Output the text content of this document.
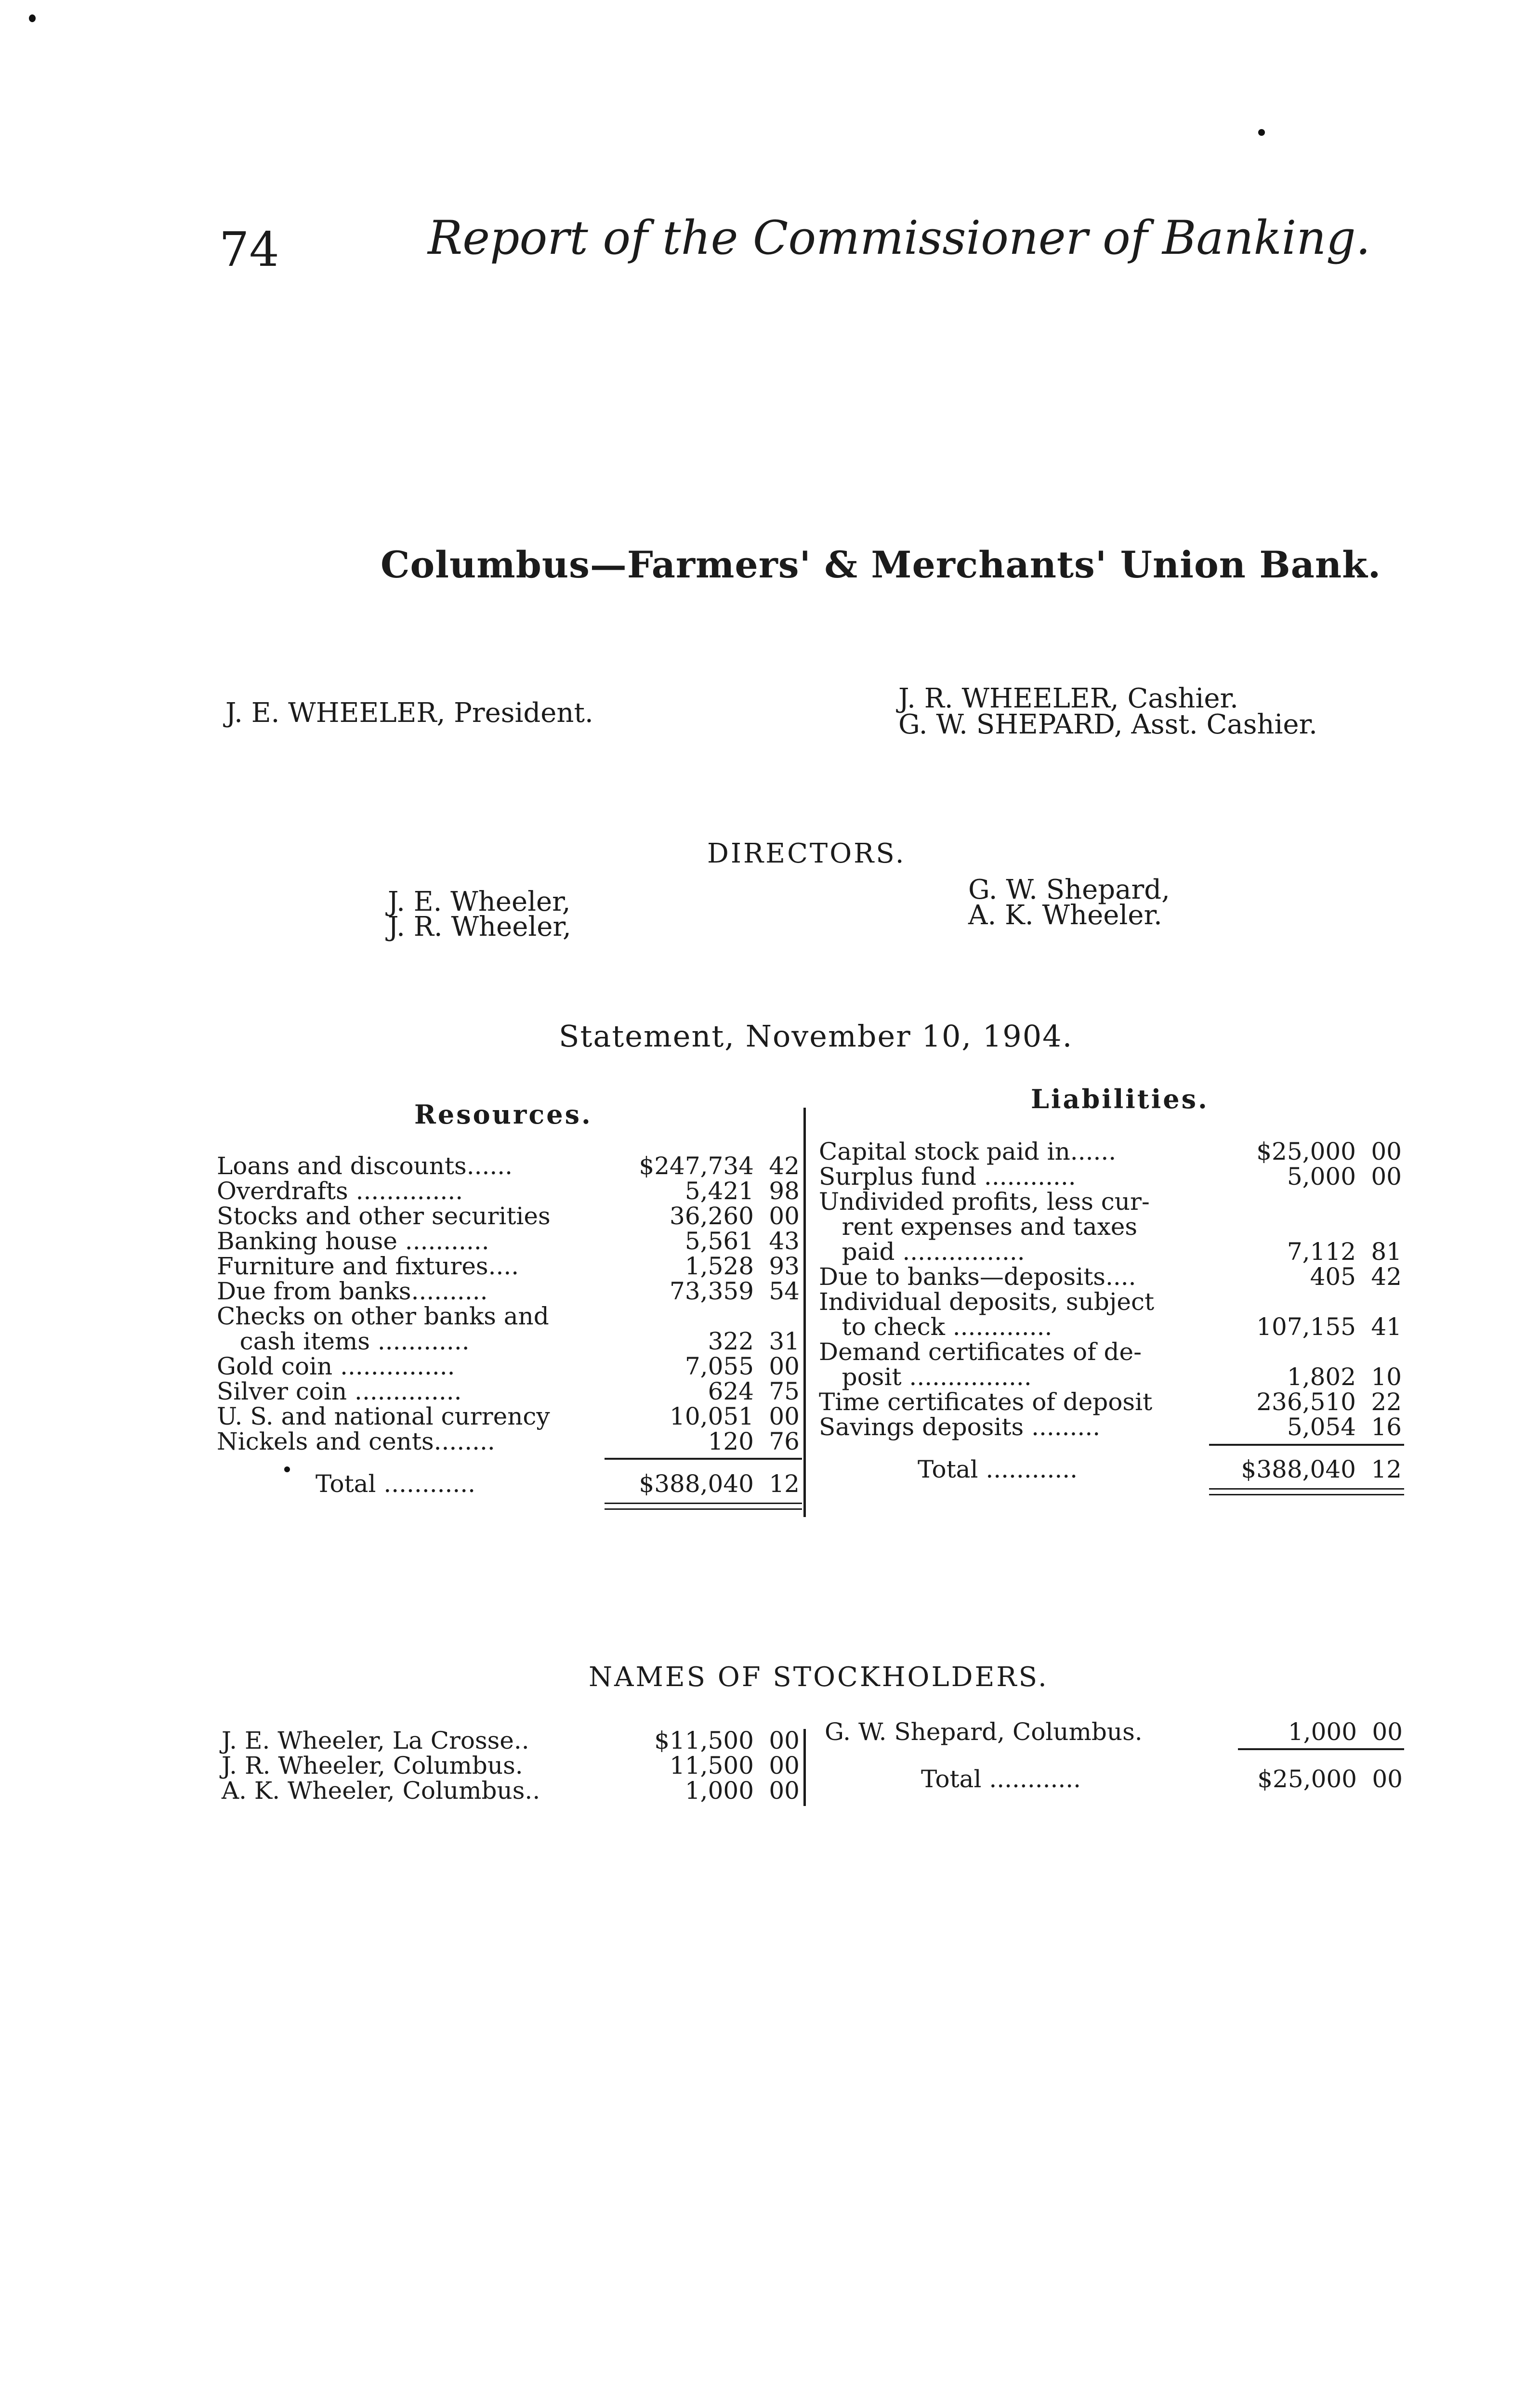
74	Report of the Commissioner of Banking.
Columbus—Farmers' & Merchants' Union Bank.
J. E. WHEELER, President.	J. R. WHEELER, Cashier.
G. W. SHEPARD, Asst. Cashier.
DIRECTORS.
J. E. Wheeler,
J. R. Wheeler,
G. W. Shepard,
A. K. Wheeler.
Statement, November 10, 1904.
Resources.	Liabilities.
Loans and discounts......	$247,734 42
Overdrafts ..............	5,421 98
Stocks and other securities	36,260 00
Banking house ...........	5,561 43
Furniture and fixtures....	1,528 93
Due from banks..........	73,359 54
Checks on other banks and
cash items ............	322 31
Gold coin ...............	7,055 00
Silver coin ..............	624 75
U. S. and national currency	10,051 00
Nickels and cents........	120 76
Total ............	$388,040 12
Capital stock paid in......	$25,000 00
Surplus fund ............	5,000 00
Undivided profits, less cur-
rent expenses and taxes
paid ................	7,112 81
Due to banks—deposits....	405 42
Individual deposits, subject
to check .............	107,155 41
Demand certificates of de-
posit ................	1,802 10
Time certificates of deposit	236,510 22
Savings deposits .........	5,054 16
Total ............	$388,040 12
NAMES OF STOCKHOLDERS.
J. E. Wheeler, La Crosse..	$11,500 00
J. R. Wheeler, Columbus.	11,500 00
A. K. Wheeler, Columbus..	1,000 00
G. W. Shepard, Columbus.	1,000 00
Total ............	$25,000 00
